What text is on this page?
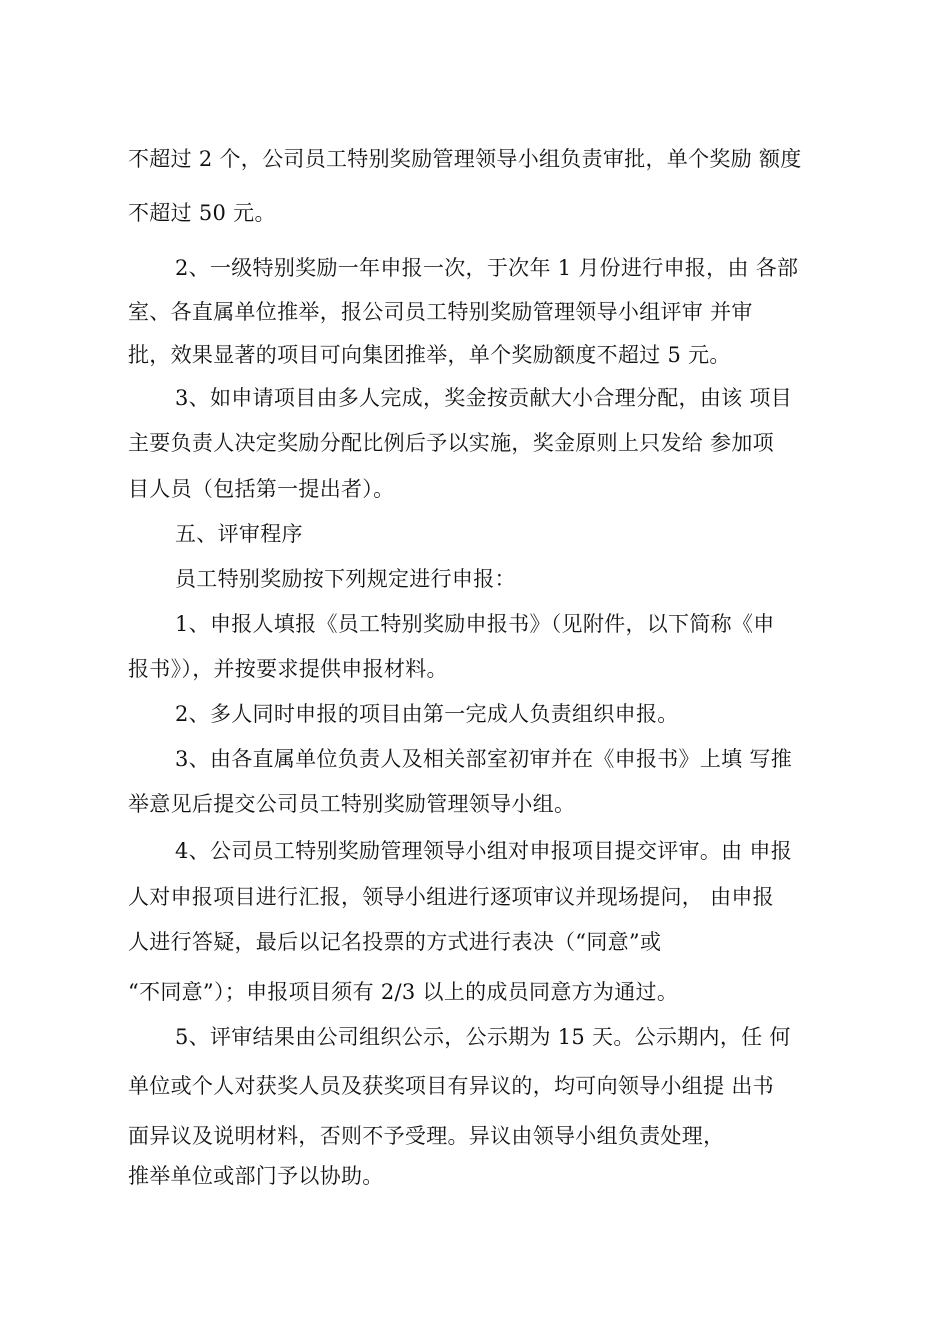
不超过 2 个，公司员工特别奖励管理领导小组负责审批，单个奖励 额度
不超过 50 元。
2、一级特别奖励一年申报一次，于次年 1 月份进行申报，由 各部
室、各直属单位推举，报公司员工特别奖励管理领导小组评审 并审
批，效果显著的项目可向集团推举，单个奖励额度不超过 5 元。
3、如申请项目由多人完成，奖金按贡献大小合理分配，由该 项目
主要负责人决定奖励分配比例后予以实施，奖金原则上只发给 参加项
目人员（包括第一提出者）。
五、评审程序
员工特别奖励按下列规定进行申报：
1、申报人填报《员工特别奖励申报书》（见附件，以下简称《申
报书》），并按要求提供申报材料。
2、多人同时申报的项目由第一完成人负责组织申报。
3、由各直属单位负责人及相关部室初审并在《申报书》上填 写推
举意见后提交公司员工特别奖励管理领导小组。
4、公司员工特别奖励管理领导小组对申报项目提交评审。由 申报
人对申报项目进行汇报，领导小组进行逐项审议并现场提问， 由申报
人进行答疑，最后以记名投票的方式进行表决（“同意”或
“不同意”）；申报项目须有 2/3 以上的成员同意方为通过。
5、评审结果由公司组织公示，公示期为 15 天。公示期内，任 何
单位或个人对获奖人员及获奖项目有异议的，均可向领导小组提 出书
面异议及说明材料，否则不予受理。异议由领导小组负责处理，
推举单位或部门予以协助。
